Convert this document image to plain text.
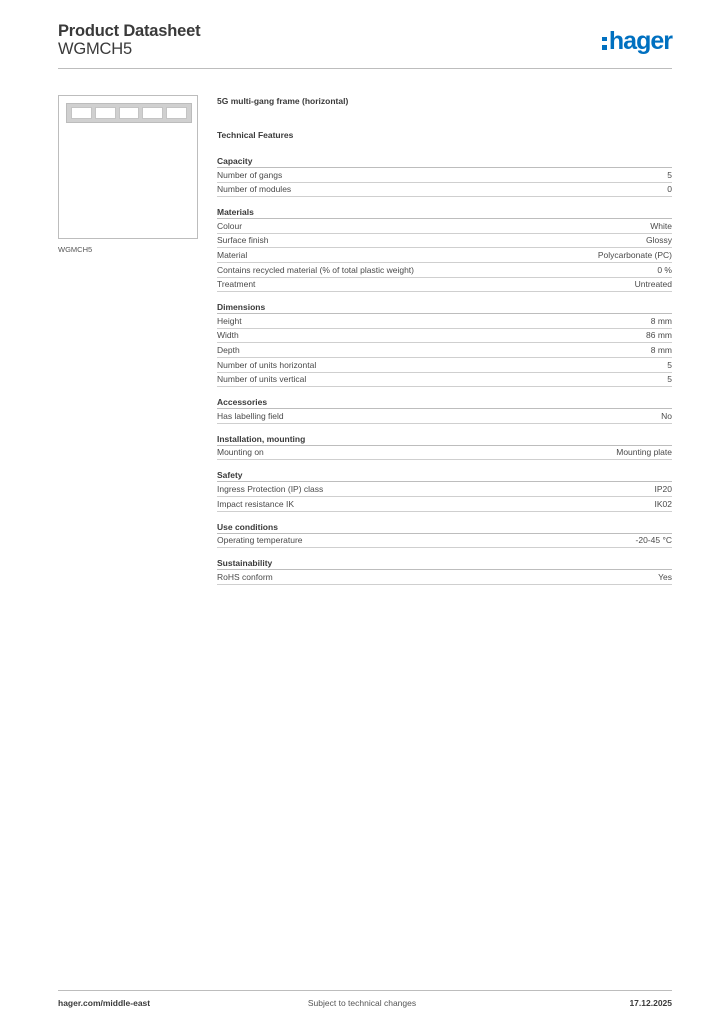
Product Datasheet
WGMCH5	hager
WGMCH5
5G multi-gang frame (horizontal)
Technical Features
Capacity
Number of gangs	5
Number of modules	0
Materials
Colour	White
Surface finish	Glossy
Material	Polycarbonate (PC)
Contains recycled material (% of total plastic weight)	0 %
Treatment	Untreated
Dimensions
Height	8 mm
Width	86 mm
Depth	8 mm
Number of units horizontal	5
Number of units vertical	5
Accessories
Has labelling field	No
Installation, mounting
Mounting on	Mounting plate
Safety
Ingress Protection (IP) class	IP20
Impact resistance IK	IK02
Use conditions
Operating temperature	-20-45 °C
Sustainability
RoHS conform	Yes
hager.com/middle-east	Subject to technical changes	17.12.2025
